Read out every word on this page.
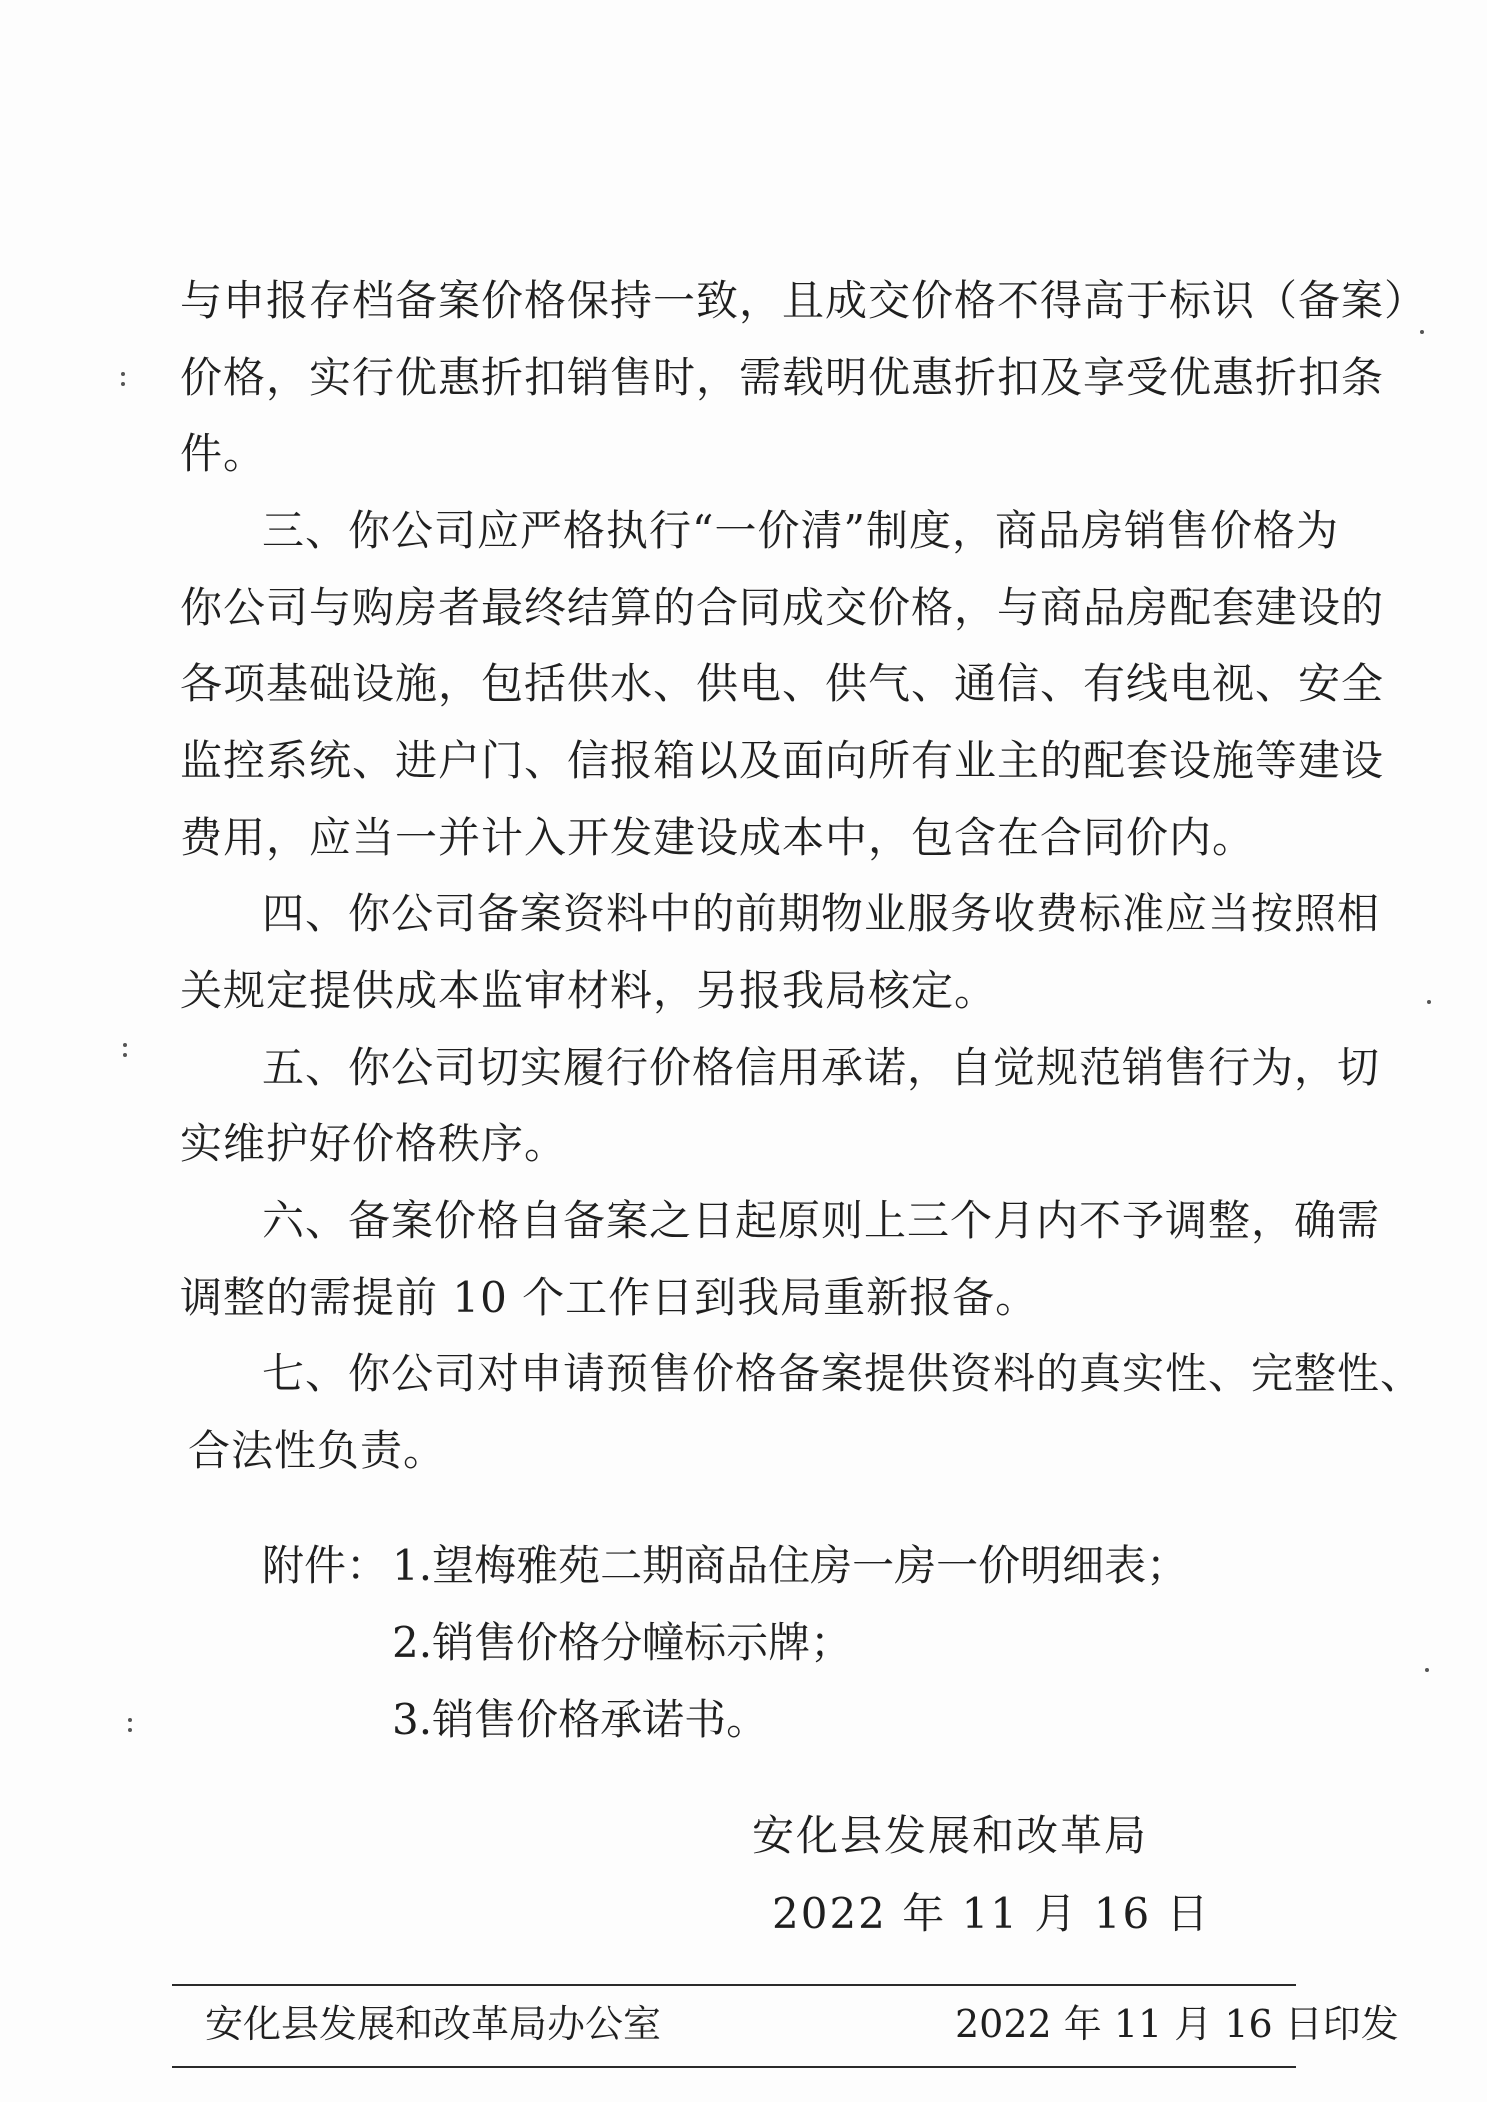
与申报存档备案价格保持一致，且成交价格不得高于标识（备案）
价格，实行优惠折扣销售时，需载明优惠折扣及享受优惠折扣条
件。
三、你公司应严格执行“一价清”制度，商品房销售价格为
你公司与购房者最终结算的合同成交价格，与商品房配套建设的
各项基础设施，包括供水、供电、供气、通信、有线电视、安全
监控系统、进户门、信报箱以及面向所有业主的配套设施等建设
费用，应当一并计入开发建设成本中，包含在合同价内。
四、你公司备案资料中的前期物业服务收费标准应当按照相
关规定提供成本监审材料，另报我局核定。
五、你公司切实履行价格信用承诺，自觉规范销售行为，切
实维护好价格秩序。
六、备案价格自备案之日起原则上三个月内不予调整，确需
调整的需提前 10 个工作日到我局重新报备。
七、你公司对申请预售价格备案提供资料的真实性、完整性、
合法性负责。
附件： 1.望梅雅苑二期商品住房一房一价明细表；
2.销售价格分幢标示牌；
3.销售价格承诺书。
安化县发展和改革局
2022 年 11 月 16 日
安化县发展和改革局办公室	2022 年 11 月 16 日印发
